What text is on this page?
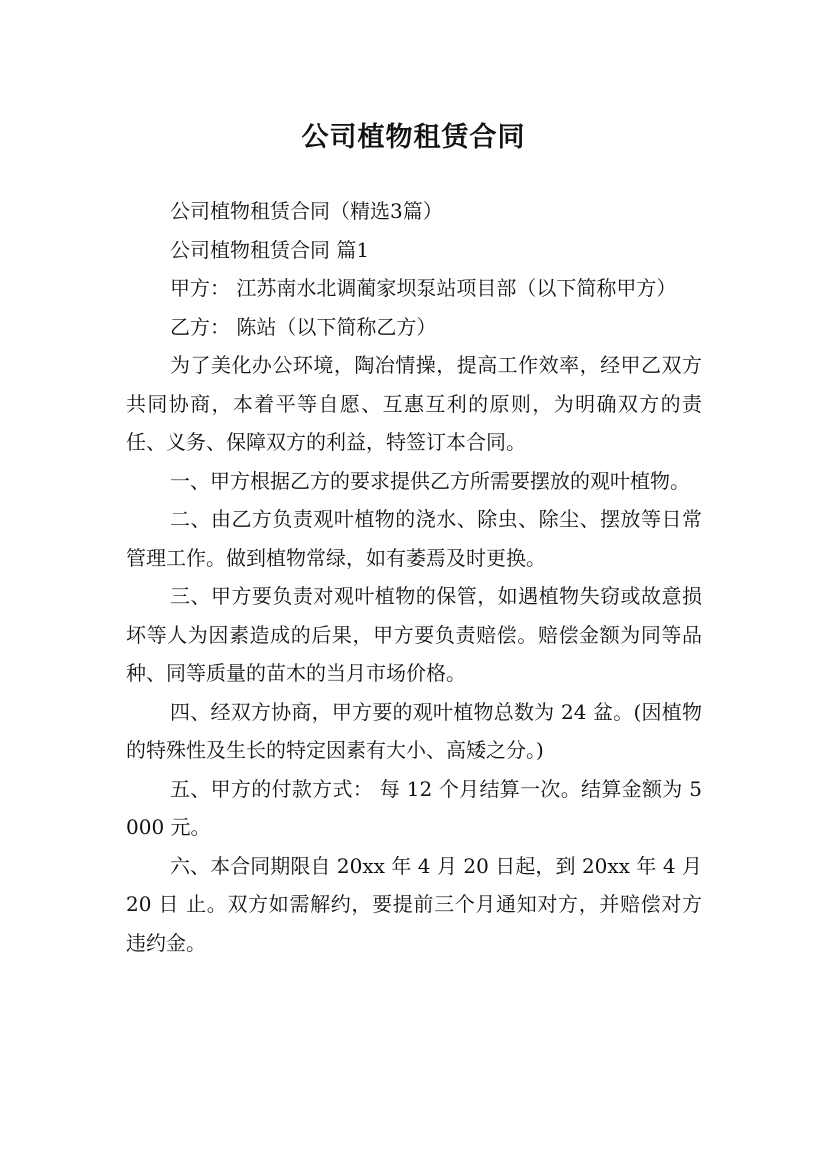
公司植物租赁合同

公司植物租赁合同（精选3篇）

公司植物租赁合同 篇1

甲方： 江苏南水北调蔺家坝泵站项目部（以下简称甲方）

乙方： 陈站（以下简称乙方）

为了美化办公环境，陶冶情操，提高工作效率，经甲乙双方共同协商，本着平等自愿、互惠互利的原则，为明确双方的责任、义务、保障双方的利益，特签订本合同。

一、甲方根据乙方的要求提供乙方所需要摆放的观叶植物。

二、由乙方负责观叶植物的浇水、除虫、除尘、摆放等日常管理工作。做到植物常绿，如有萎焉及时更换。

三、甲方要负责对观叶植物的保管，如遇植物失窃或故意损坏等人为因素造成的后果，甲方要负责赔偿。赔偿金额为同等品种、同等质量的苗木的当月市场价格。

四、经双方协商，甲方要的观叶植物总数为 24 盆。(因植物的特殊性及生长的特定因素有大小、高矮之分。)

五、甲方的付款方式： 每 12 个月结算一次。结算金额为 5000 元。

六、本合同期限自 20xx 年 4 月 20 日起，到 20xx 年 4 月 20 日 止。双方如需解约，要提前三个月通知对方，并赔偿对方违约金。
